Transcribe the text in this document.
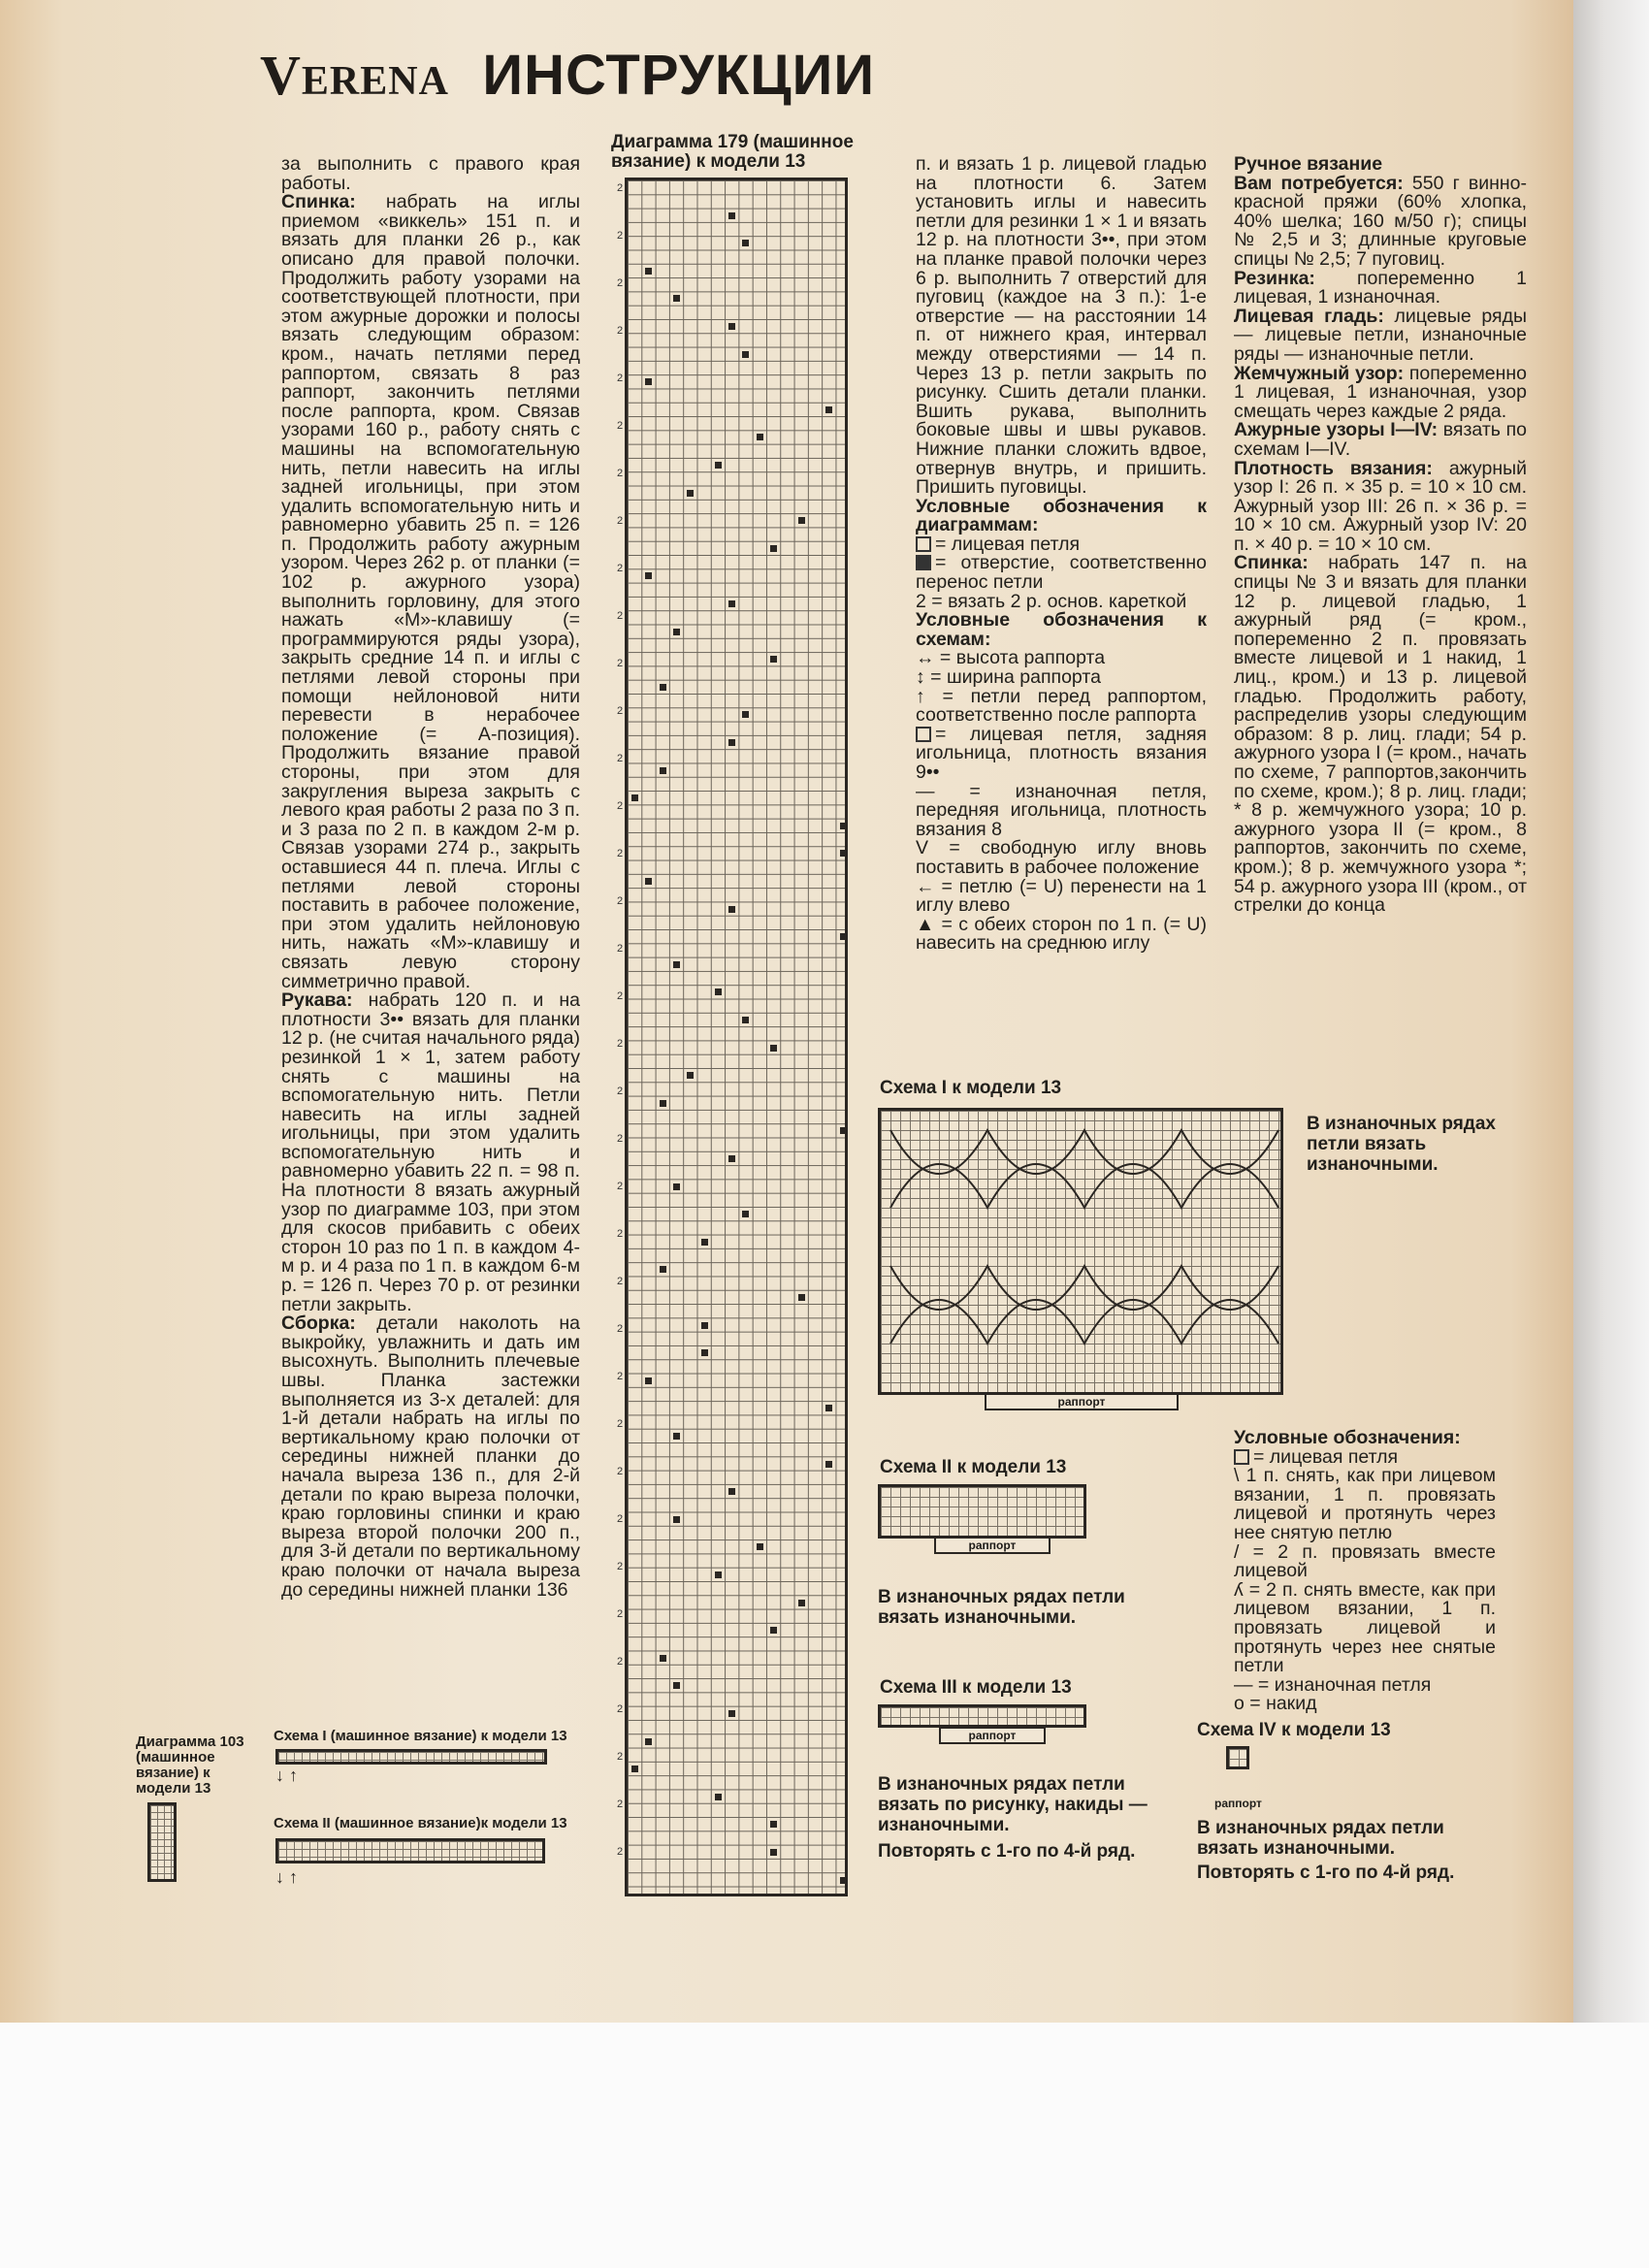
VERENA ИНСТРУКЦИИ

за выполнить с правого края работы.

Спинка: набрать на иглы приемом «виккель» 151 п. и вязать для планки 26 р., как описано для правой полочки. Продолжить работу узорами на соответствующей плотности, при этом ажурные дорожки и полосы вязать следующим образом: кром., начать петлями перед раппортом, связать 8 раз раппорт, закончить петлями после раппорта, кром. Связав узорами 160 р., работу снять с машины на вспомогательную нить, петли навесить на иглы задней игольницы, при этом удалить вспомогательную нить и равномерно убавить 25 п. = 126 п. Продолжить работу ажурным узором. Через 262 р. от планки (= 102 р. ажурного узора) выполнить горловину, для этого нажать «М»-клавишу (= программируются ряды узора), закрыть средние 14 п. и иглы с петлями левой стороны при помощи нейлоновой нити перевести в нерабочее положение (= А-позиция). Продолжить вязание правой стороны, при этом для закругления выреза закрыть с левого края работы 2 раза по 3 п. и 3 раза по 2 п. в каждом 2-м р. Связав узорами 274 р., закрыть оставшиеся 44 п. плеча. Иглы с петлями левой стороны поставить в рабочее положение, при этом удалить нейлоновую нить, нажать «М»-клавишу и связать левую сторону симметрично правой.

Рукава: набрать 120 п. и на плотности 3•• вязать для планки 12 р. (не считая начального ряда) резинкой 1 × 1, затем работу снять с машины на вспомогательную нить. Петли навесить на иглы задней игольницы, при этом удалить вспомогательную нить и равномерно убавить 22 п. = 98 п. На плотности 8 вязать ажурный узор по диаграмме 103, при этом для скосов прибавить с обеих сторон 10 раз по 1 п. в каждом 4-м р. и 4 раза по 1 п. в каждом 6-м р. = 126 п. Через 70 р. от резинки петли закрыть.

Сборка: детали наколоть на выкройку, увлажнить и дать им высохнуть. Выполнить плечевые швы. Планка застежки выполняется из 3-х деталей: для 1-й детали набрать на иглы по вертикальному краю полочки от середины нижней планки до начала выреза 136 п., для 2-й детали по краю выреза полочки, краю горловины спинки и краю выреза второй полочки 200 п., для 3-й детали по вертикальному краю полочки от начала выреза до середины нижней планки 136

Диаграмма 179 (машинное вязание) к модели 13
2
2
2
2
2
2
2
2
2
2
2
2
2
2
2
2
2
2
2
2
2
2
2
2
2
2
2
2
2
2
2
2
2
2
2
2

п. и вязать 1 р. лицевой гладью на плотности 6. Затем установить иглы и навесить петли для резинки 1 × 1 и вязать 12 р. на плотности 3••, при этом на планке правой полочки через 6 р. выполнить 7 отверстий для пуговиц (каждое на 3 п.): 1-е отверстие — на расстоянии 14 п. от нижнего края, интервал между отверстиями — 14 п. Через 13 р. петли закрыть по рисунку. Сшить детали планки. Вшить рукава, выполнить боковые швы и швы рукавов. Нижние планки сложить вдвое, отвернув внутрь, и пришить. Пришить пуговицы.

Условные обозначения к диаграммам:

= лицевая петля

= отверстие, соответственно перенос петли

2 = вязать 2 р. основ. кареткой

Условные обозначения к схемам:

↔ = высота раппорта

↕ = ширина раппорта

↑ = петли перед раппортом, соответственно после раппорта

= лицевая петля, задняя игольница, плотность вязания 9••

— = изнаночная петля, передняя игольница, плотность вязания 8

V = свободную иглу вновь поставить в рабочее положение

← = петлю (= U) перенести на 1 иглу влево

▲ = с обеих сторон по 1 п. (= U) навесить на среднюю иглу

Ручное вязание

Вам потребуется: 550 г винно-красной пряжи (60% хлопка, 40% шелка; 160 м/50 г); спицы № 2,5 и 3; длинные круговые спицы № 2,5; 7 пуговиц.

Резинка: попеременно 1 лицевая, 1 изнаночная.

Лицевая гладь: лицевые ряды — лицевые петли, изнаночные ряды — изнаночные петли.

Жемчужный узор: попеременно 1 лицевая, 1 изнаночная, узор смещать через каждые 2 ряда.

Ажурные узоры I—IV: вязать по схемам I—IV.

Плотность вязания: ажурный узор I: 26 п. × 35 р. = 10 × 10 см. Ажурный узор III: 26 п. × 36 р. = 10 × 10 см. Ажурный узор IV: 20 п. × 40 р. = 10 × 10 см.

Спинка: набрать 147 п. на спицы № 3 и вязать для планки 12 р. лицевой гладью, 1 ажурный ряд (= кром., попеременно 2 п. провязать вместе лицевой и 1 накид, 1 лиц., кром.) и 13 р. лицевой гладью. Продолжить работу, распределив узоры следующим образом: 8 р. лиц. глади; 54 р. ажурного узора I (= кром., начать по схеме, 7 раппортов,закончить по схеме, кром.); 8 р. лиц. глади; * 8 р. жемчужного узора; 10 р. ажурного узора II (= кром., 8 раппортов, закончить по схеме, кром.); 8 р. жемчужного узора *; 54 р. ажурного узора III (кром., от стрелки до конца

Схема I к модели 13
раппорт
В изнаночных рядах петли вязать изнаночными.
Схема II к модели 13
раппорт
В изнаночных рядах петли вязать изнаночными.
Схема III к модели 13
раппорт
В изнаночных рядах петли вязать по рисунку, накиды — изнаночными.
Повторять с 1-го по 4-й ряд.

Условные обозначения:

= лицевая петля

\ 1 п. снять, как при лицевом вязании, 1 п. провязать лицевой и протянуть через нее снятую петлю

/ = 2 п. провязать вместе лицевой

ʎ = 2 п. снять вместе, как при лицевом вязании, 1 п. провязать лицевой и протянуть через нее снятые петли

— = изнаночная петля

о = накид

Схема IV к модели 13
раппорт
В изнаночных рядах петли вязать изнаночными.
Повторять с 1-го по 4-й ряд.
Диаграмма 103 (машинное вязание) к модели 13
Схема I (машинное вязание) к модели 13
Схема II (машинное вязание)к модели 13
↓ ↑
↓ ↑
